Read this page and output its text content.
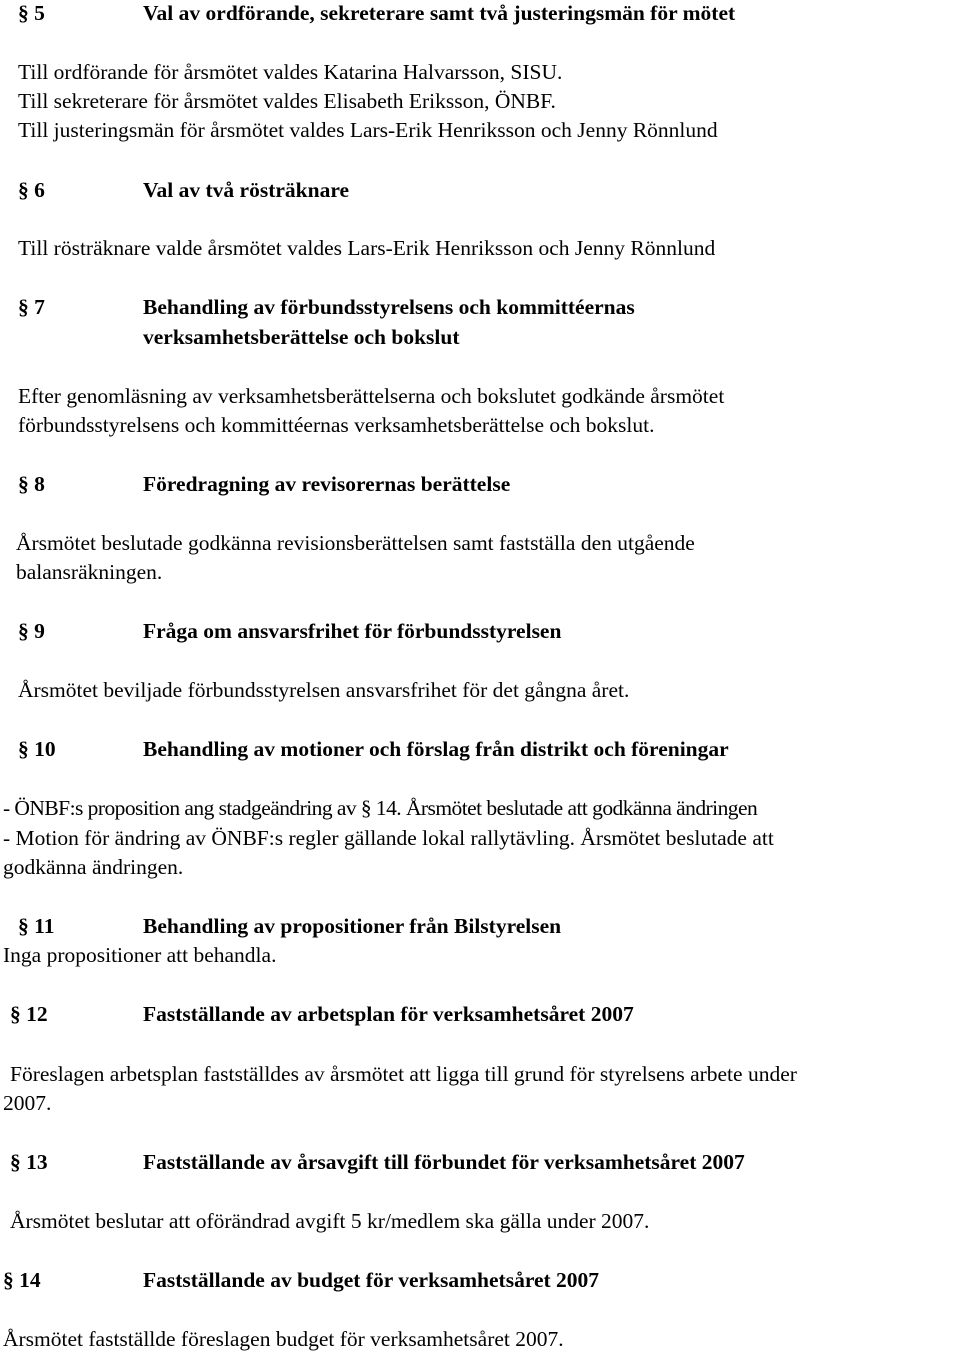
§ 5	Val av ordförande, sekreterare samt två justeringsmän för mötet
Till ordförande för årsmötet valdes Katarina Halvarsson, SISU.
Till sekreterare för årsmötet valdes Elisabeth Eriksson, ÖNBF.
Till justeringsmän för årsmötet valdes Lars-Erik Henriksson och Jenny Rönnlund
§ 6	Val av två rösträknare
Till rösträknare valde årsmötet valdes Lars-Erik Henriksson och Jenny Rönnlund
§ 7	Behandling av förbundsstyrelsens och kommittéernas
verksamhetsberättelse och bokslut
Efter genomläsning av verksamhetsberättelserna och bokslutet godkände årsmötet
förbundsstyrelsens och kommittéernas verksamhetsberättelse och bokslut.
§ 8	Föredragning av revisorernas berättelse
Årsmötet beslutade godkänna revisionsberättelsen samt fastställa den utgående
balansräkningen.
§ 9	Fråga om ansvarsfrihet för förbundsstyrelsen
Årsmötet beviljade förbundsstyrelsen ansvarsfrihet för det gångna året.
§ 10	Behandling av motioner och förslag från distrikt och föreningar
- ÖNBF:s proposition ang stadgeändring av § 14. Årsmötet beslutade att godkänna ändringen
- Motion för ändring av ÖNBF:s regler gällande lokal rallytävling. Årsmötet beslutade att
godkänna ändringen.
§ 11	Behandling av propositioner från Bilstyrelsen
Inga propositioner att behandla.
§ 12	Fastställande av arbetsplan för verksamhetsåret 2007
Föreslagen arbetsplan fastställdes av årsmötet att ligga till grund för styrelsens arbete under
2007.
§ 13	Fastställande av årsavgift till förbundet för verksamhetsåret 2007
Årsmötet beslutar att oförändrad avgift 5 kr/medlem ska gälla under 2007.
§ 14	Fastställande av budget för verksamhetsåret 2007
Årsmötet fastställde föreslagen budget för verksamhetsåret 2007.
